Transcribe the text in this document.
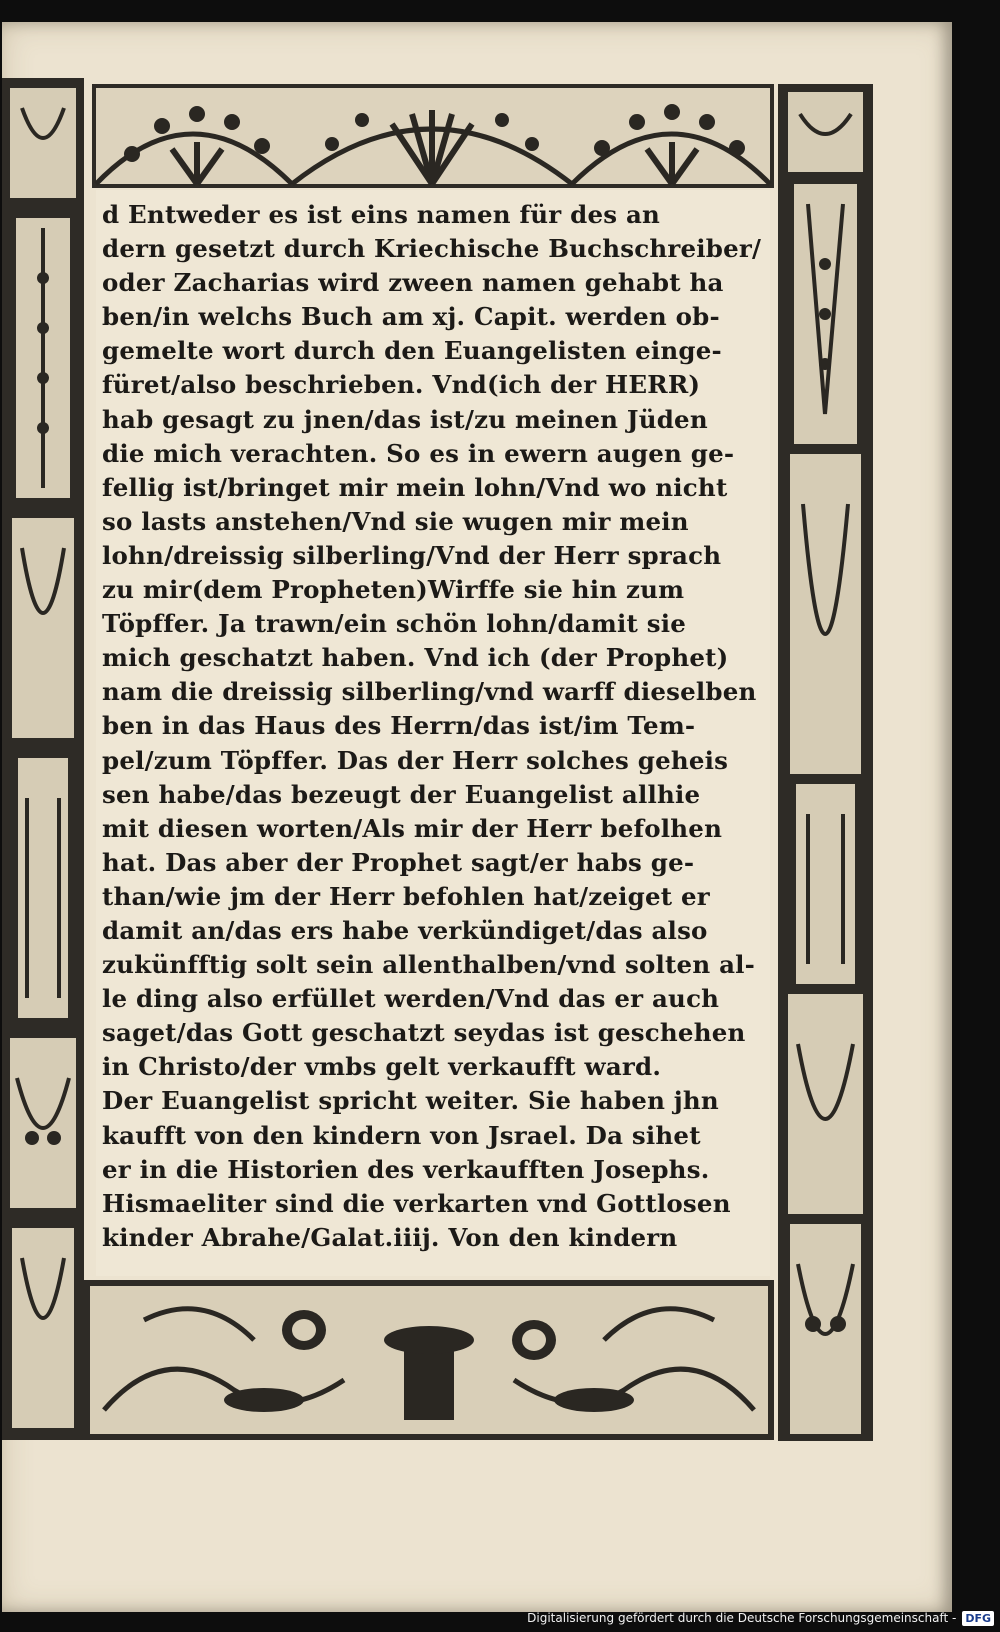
d Entweder es ist eins namen für des an
dern gesetzt durch Kriechische Buchschreiber/
oder Zacharias wird zween namen gehabt ha
ben/in welchs Buch am xj. Capit. werden ob-
gemelte wort durch den Euangelisten einge-
füret/also beschrieben. Vnd(ich der HERR)
hab gesagt zu jnen/das ist/zu meinen Jüden
die mich verachten. So es in ewern augen ge-
fellig ist/bringet mir mein lohn/Vnd wo nicht
so lasts anstehen/Vnd sie wugen mir mein
lohn/dreissig silberling/Vnd der Herr sprach
zu mir(dem Propheten)Wirffe sie hin zum
Töpffer. Ja trawn/ein schön lohn/damit sie
mich geschatzt haben. Vnd ich (der Prophet)
nam die dreissig silberling/vnd warff dieselben
ben in das Haus des Herrn/das ist/im Tem-
pel/zum Töpffer. Das der Herr solches geheis
sen habe/das bezeugt der Euangelist allhie
mit diesen worten/Als mir der Herr befolhen
hat. Das aber der Prophet sagt/er habs ge-
than/wie jm der Herr befohlen hat/zeiget er
damit an/das ers habe verkündiget/das also
zukünfftig solt sein allenthalben/vnd solten al-
le ding also erfüllet werden/Vnd das er auch
saget/das Gott geschatzt seydas ist geschehen
in Christo/der vmbs gelt verkaufft ward.
Der Euangelist spricht weiter. Sie haben jhn
kaufft von den kindern von Jsrael. Da sihet
er in die Historien des verkaufften Josephs.
Hismaeliter sind die verkarten vnd Gottlosen
kinder Abrahe/Galat.iiij. Von den kindern
Digitalisierung gefördert durch die Deutsche Forschungsgemeinschaft - DFG
